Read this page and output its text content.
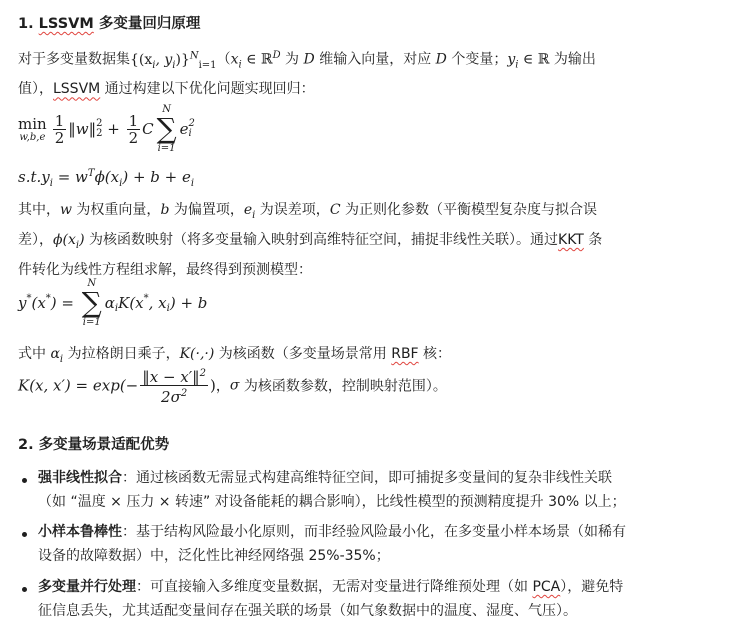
1. LSSVM 多变量回归原理
对于多变量数据集{($x_i$, $y_i)\}^N_{i=1}(x_i$ ∈ ℝ$^D$ 为 D 维输入向量，对应 D 个变量；$y_i$ ∈ ℝ 为输出
值），LSSVM 通过构建以下优化问题实现回归：
min
$w,b,e \frac{1}{2}$ ‖w‖ 2
$2 + \frac{1}{2}$ C
N
∑
i=1
e 2
i
$s.t.y_i = w^T\phi(x_i) + b + e_i$
其中，w 为权重向量，b 为偏置项，$e_i$ 为误差项，C 为正则化参数（平衡模型复杂度与拟合误
差），$\phi(x_i)$ 为核函数映射（将多变量输入映射到高维特征空间，捕捉非线性关联）。通过KKT 条
件转化为线性方程组求解，最终得到预测模型：
y*(x*) =
N
∑
i=1
$\alpha_iK(x^*$, $x_i) + b$
式中 $\alpha_i$ 为拉格朗日乘子，K(·,·) 为核函数（多变量场景常用 RBF 核：
K(x, $x') = \exp(- \frac{‖x - x'‖^2}{2\sigma^2}$ )，σ 为核函数参数，控制映射范围）。
2. 多变量场景适配优势
强非线性拟合：通过核函数无需显式构建高维特征空间，即可捕捉多变量间的复杂非线性关联
（如 “温度 × 压力 × 转速” 对设备能耗的耦合影响），比线性模型的预测精度提升 30% 以上；
小样本鲁棒性：基于结构风险最小化原则，而非经验风险最小化，在多变量小样本场景（如稀有
设备的故障数据）中，泛化性比神经网络强 25%-35%；
多变量并行处理：可直接输入多维度变量数据，无需对变量进行降维预处理（如 PCA），避免特
征信息丢失，尤其适配变量间存在强关联的场景（如气象数据中的温度、湿度、气压）。
